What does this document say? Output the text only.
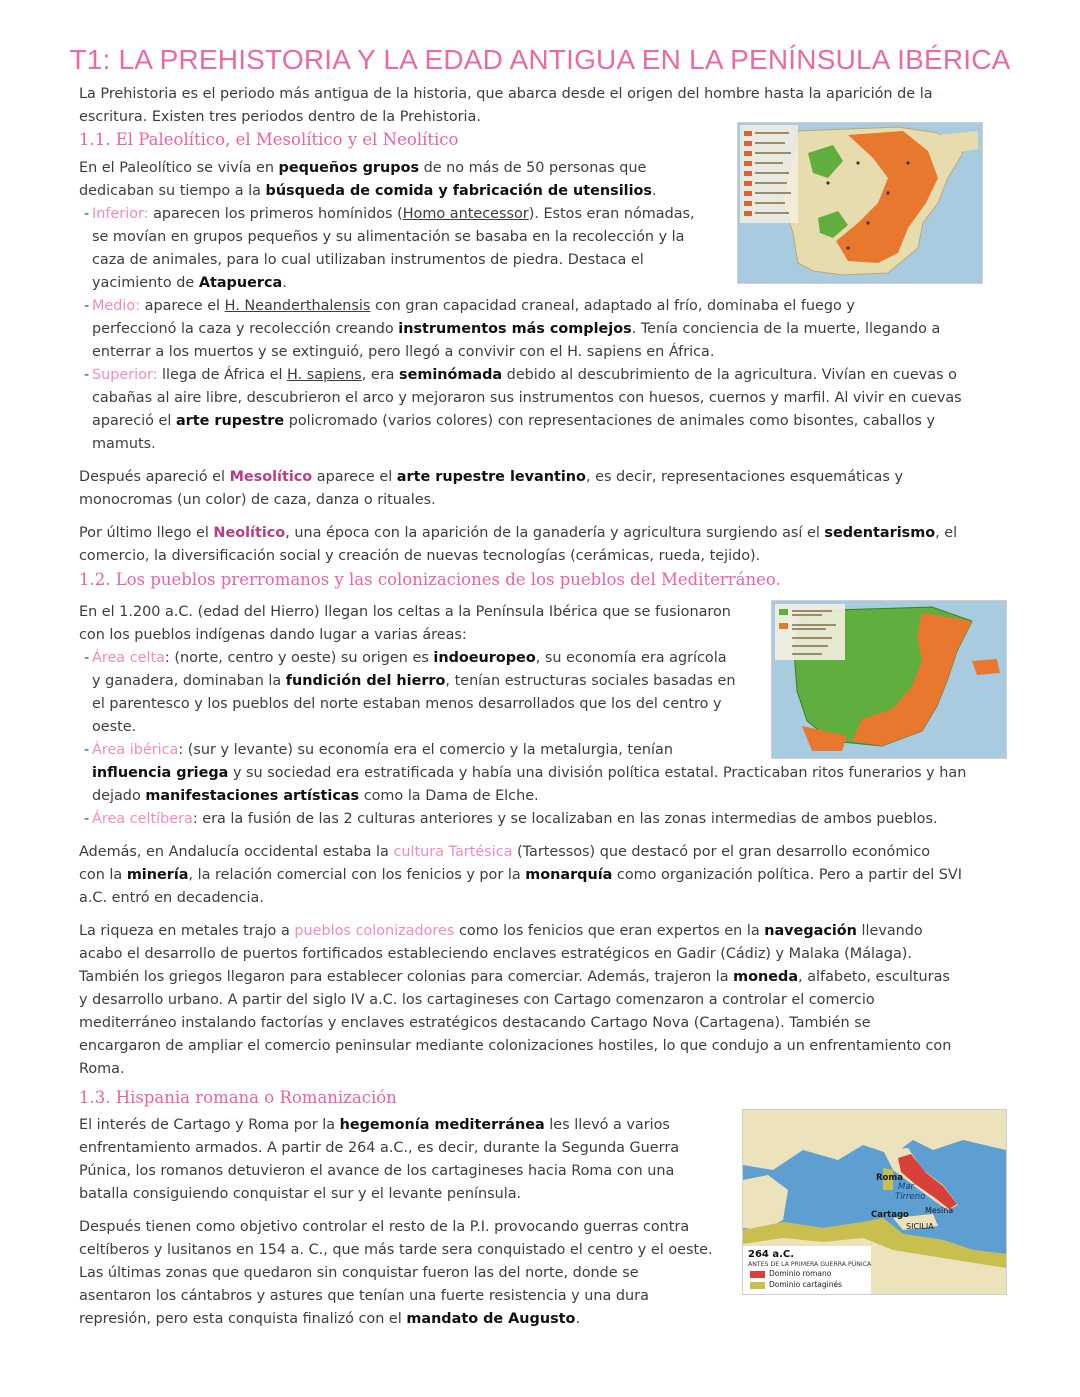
T1: LA PREHISTORIA Y LA EDAD ANTIGUA EN LA PENÍNSULA IBÉRICA
La Prehistoria es el periodo más antigua de la historia, que abarca desde el origen del hombre hasta la aparición de la
escritura. Existen tres periodos dentro de la Prehistoria.
1.1. El Paleolítico, el Mesolítico y el Neolítico
En el Paleolítico se vivía en pequeños grupos de no más de 50 personas que
dedicaban su tiempo a la búsqueda de comida y fabricación de utensilios.
- Inferior: aparecen los primeros homínidos (Homo antecessor). Estos eran nómadas,
se movían en grupos pequeños y su alimentación se basaba en la recolección y la
caza de animales, para lo cual utilizaban instrumentos de piedra. Destaca el
yacimiento de Atapuerca.
- Medio: aparece el H. Neanderthalensis con gran capacidad craneal, adaptado al frío, dominaba el fuego y
perfeccionó la caza y recolección creando instrumentos más complejos. Tenía conciencia de la muerte, llegando a
enterrar a los muertos y se extinguió, pero llegó a convivir con el H. sapiens en África.
- Superior: llega de África el H. sapiens, era seminómada debido al descubrimiento de la agricultura. Vivían en cuevas o
cabañas al aire libre, descubrieron el arco y mejoraron sus instrumentos con huesos, cuernos y marfil. Al vivir en cuevas
apareció el arte rupestre policromado (varios colores) con representaciones de animales como bisontes, caballos y
mamuts.
Después apareció el Mesolítico aparece el arte rupestre levantino, es decir, representaciones esquemáticas y
monocromas (un color) de caza, danza o rituales.
Por último llego el Neolítico, una época con la aparición de la ganadería y agricultura surgiendo así el sedentarismo, el
comercio, la diversificación social y creación de nuevas tecnologías (cerámicas, rueda, tejido).
1.2. Los pueblos prerromanos y las colonizaciones de los pueblos del Mediterráneo.
En el 1.200 a.C. (edad del Hierro) llegan los celtas a la Península Ibérica que se fusionaron
con los pueblos indígenas dando lugar a varias áreas:
- Área celta: (norte, centro y oeste) su origen es indoeuropeo, su economía era agrícola
y ganadera, dominaban la fundición del hierro, tenían estructuras sociales basadas en
el parentesco y los pueblos del norte estaban menos desarrollados que los del centro y
oeste.
- Área ibérica: (sur y levante) su economía era el comercio y la metalurgia, tenían
influencia griega y su sociedad era estratificada y había una división política estatal. Practicaban ritos funerarios y han
dejado manifestaciones artísticas como la Dama de Elche.
- Área celtíbera: era la fusión de las 2 culturas anteriores y se localizaban en las zonas intermedias de ambos pueblos.
Además, en Andalucía occidental estaba la cultura Tartésica (Tartessos) que destacó por el gran desarrollo económico
con la minería, la relación comercial con los fenicios y por la monarquía como organización política. Pero a partir del SVI
a.C. entró en decadencia.
La riqueza en metales trajo a pueblos colonizadores como los fenicios que eran expertos en la navegación llevando
acabo el desarrollo de puertos fortificados estableciendo enclaves estratégicos en Gadir (Cádiz) y Malaka (Málaga).
También los griegos llegaron para establecer colonias para comerciar. Además, trajeron la moneda, alfabeto, esculturas
y desarrollo urbano. A partir del siglo IV a.C. los cartagineses con Cartago comenzaron a controlar el comercio
mediterráneo instalando factorías y enclaves estratégicos destacando Cartago Nova (Cartagena). También se
encargaron de ampliar el comercio peninsular mediante colonizaciones hostiles, lo que condujo a un enfrentamiento con
Roma.
1.3. Hispania romana o Romanización
El interés de Cartago y Roma por la hegemonía mediterránea les llevó a varios
enfrentamiento armados. A partir de 264 a.C., es decir, durante la Segunda Guerra
Púnica, los romanos detuvieron el avance de los cartagineses hacia Roma con una
batalla consiguiendo conquistar el sur y el levante península.
Después tienen como objetivo controlar el resto de la P.I. provocando guerras contra
celtíberos y lusitanos en 154 a. C., que más tarde sera conquistado el centro y el oeste.
Las últimas zonas que quedaron sin conquistar fueron las del norte, donde se
asentaron los cántabros y astures que tenían una fuerte resistencia y una dura
represión, pero esta conquista finalizó con el mandato de Augusto.
Roma
Mar
Tirreno
Cartago Mesina
SICILIA
264 a.C.
ANTES DE LA PRIMERA GUERRA PÚNICA
Dominio romano
Dominio cartaginés
